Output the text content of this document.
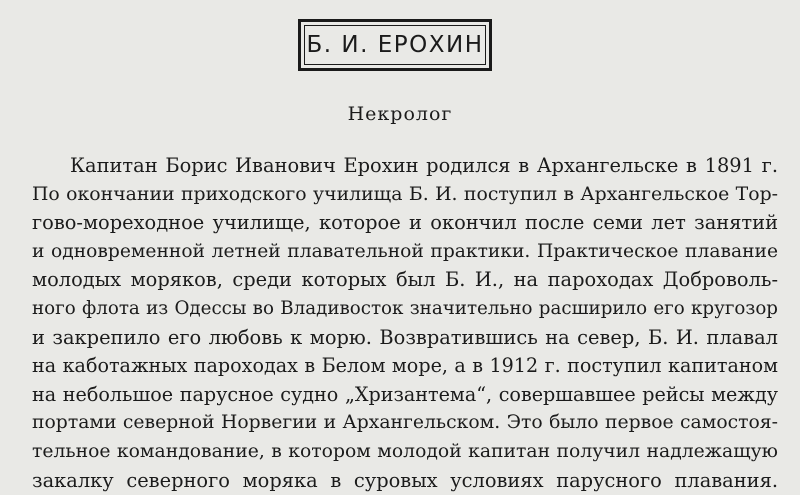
Б. И. ЕРОХИН
Некролог
Капитан Борис Иванович Ерохин родился в Архангельске в 1891 г.
По окончании приходского училища Б. И. поступил в Архангельское Тор-
гово-мореходное училище, которое и окончил после семи лет занятий
и одновременной летней плавательной практики. Практическое плавание
молодых моряков, среди которых был Б. И., на пароходах Доброволь-
ного флота из Одессы во Владивосток значительно расширило его кругозор
и закрепило его любовь к морю. Возвратившись на север, Б. И. плавал
на каботажных пароходах в Белом море, а в 1912 г. поступил капитаном
на небольшое парусное судно „Хризантема“, совершавшее рейсы между
портами северной Норвегии и Архангельском. Это было первое самостоя-
тельное командование, в котором молодой капитан получил надлежащую
закалку северного моряка в суровых условиях парусного плавания.
